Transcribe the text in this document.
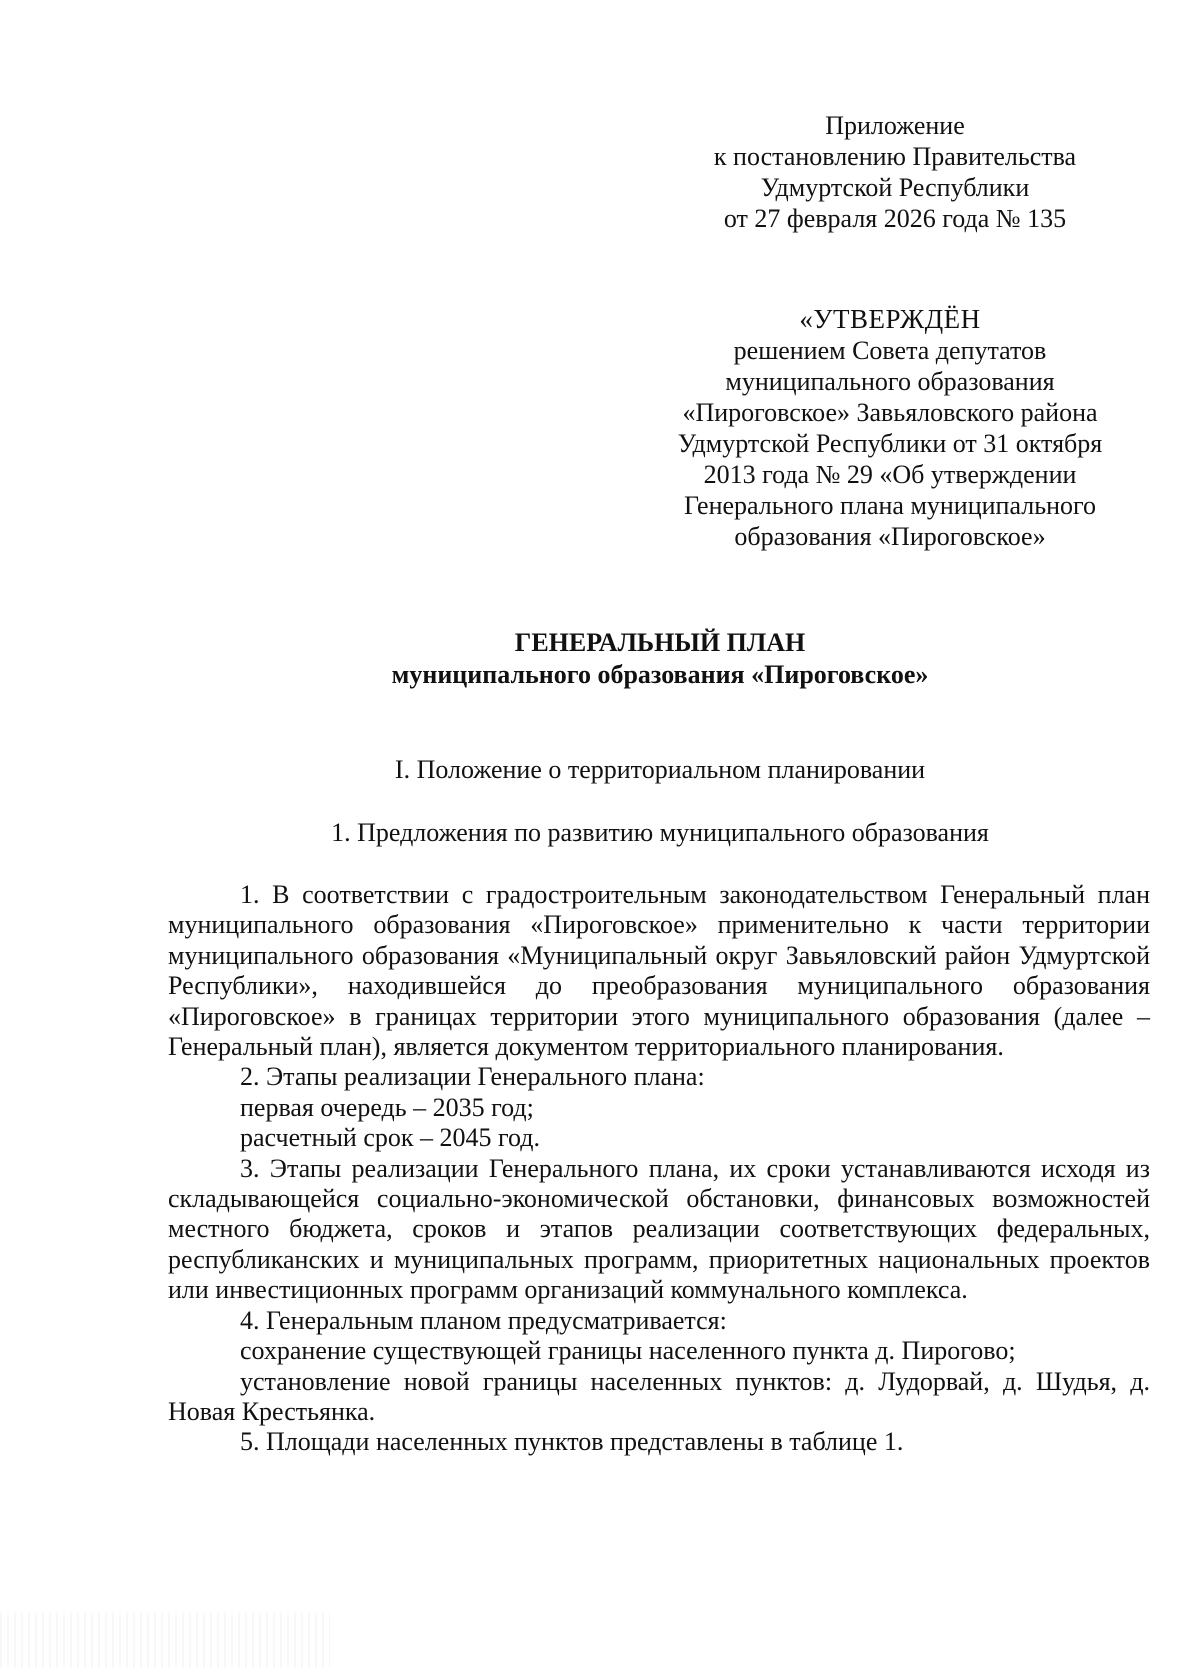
Приложение
к постановлению Правительства
Удмуртской Республики
от 27 февраля 2026 года № 135
«УТВЕРЖДЁН
решением Совета депутатов
муниципального образования
«Пироговское» Завьяловского района
Удмуртской Республики от 31 октября
2013 года № 29 «Об утверждении
Генерального плана муниципального
образования «Пироговское»
ГЕНЕРАЛЬНЫЙ ПЛАН
муниципального образования «Пироговское»
I. Положение о территориальном планировании
1. Предложения по развитию муниципального образования

1. В соответствии с градостроительным законодательством Генеральный план муниципального образования «Пироговское» применительно к части территории муниципального образования «Муниципальный округ Завьяловский район Удмуртской Республики», находившейся до преобразования муниципального образования «Пироговское» в границах территории этого муниципального образования (далее – Генеральный план), является документом территориального планирования.

2. Этапы реализации Генерального плана:

первая очередь – 2035 год;

расчетный срок – 2045 год.

3. Этапы реализации Генерального плана, их сроки устанавливаются исходя из складывающейся социально-экономической обстановки, финансовых возможностей местного бюджета, сроков и этапов реализации соответствующих федеральных, республиканских и муниципальных программ, приоритетных национальных проектов или инвестиционных программ организаций коммунального комплекса.

4. Генеральным планом предусматривается:

сохранение существующей границы населенного пункта д. Пирогово;

установление новой границы населенных пунктов: д. Лудорвай, д. Шудья, д. Новая Крестьянка.

5. Площади населенных пунктов представлены в таблице 1.
